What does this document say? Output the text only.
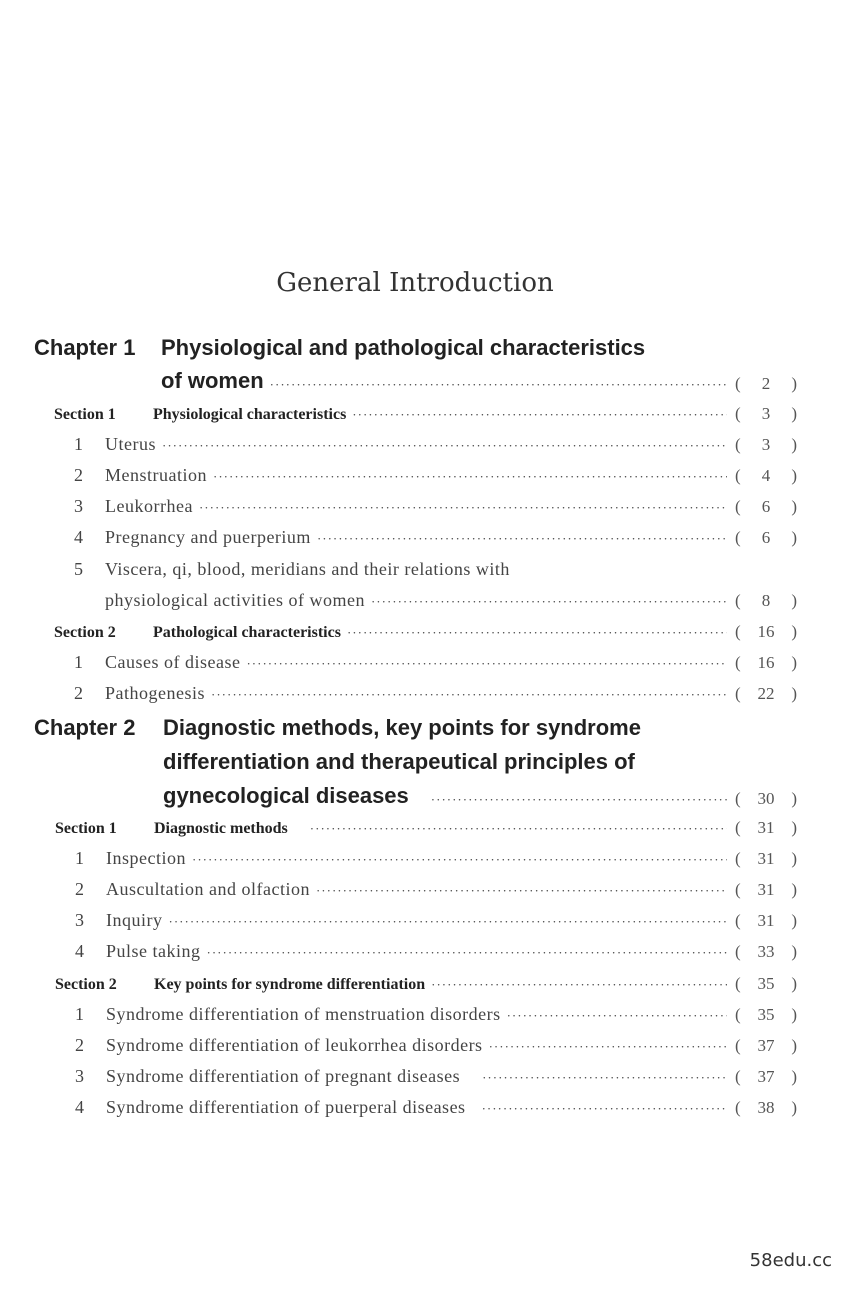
General Introduction
Chapter 1 Physiological and pathological characteristics
of women ·····	( 2 )
Section 1 Physiological characteristics ·····	( 3 )
1 Uterus ·····	( 3 )
2 Menstruation ·····	( 4 )
3 Leukorrhea ·····	( 6 )
4 Pregnancy and puerperium ·····	( 6 )
5 Viscera, qi, blood, meridians and their relations with
physiological activities of women ·····	( 8 )
Section 2 Pathological characteristics ·····	( 16 )
1 Causes of disease ·····	( 16 )
2 Pathogenesis ·····	( 22 )
Chapter 2 Diagnostic methods, key points for syndrome
differentiation and therapeutical principles of
gynecological diseases ·····	( 30 )
Section 1 Diagnostic methods ·····	( 31 )
1 Inspection ·····	( 31 )
2 Auscultation and olfaction ·····	( 31 )
3 Inquiry ·····	( 31 )
4 Pulse taking ·····	( 33 )
Section 2 Key points for syndrome differentiation ·····	( 35 )
1 Syndrome differentiation of menstruation disorders ·····	( 35 )
2 Syndrome differentiation of leukorrhea disorders ·····	( 37 )
3 Syndrome differentiation of pregnant diseases ·····	( 37 )
4 Syndrome differentiation of puerperal diseases ·····	( 38 )
58edu.cc
